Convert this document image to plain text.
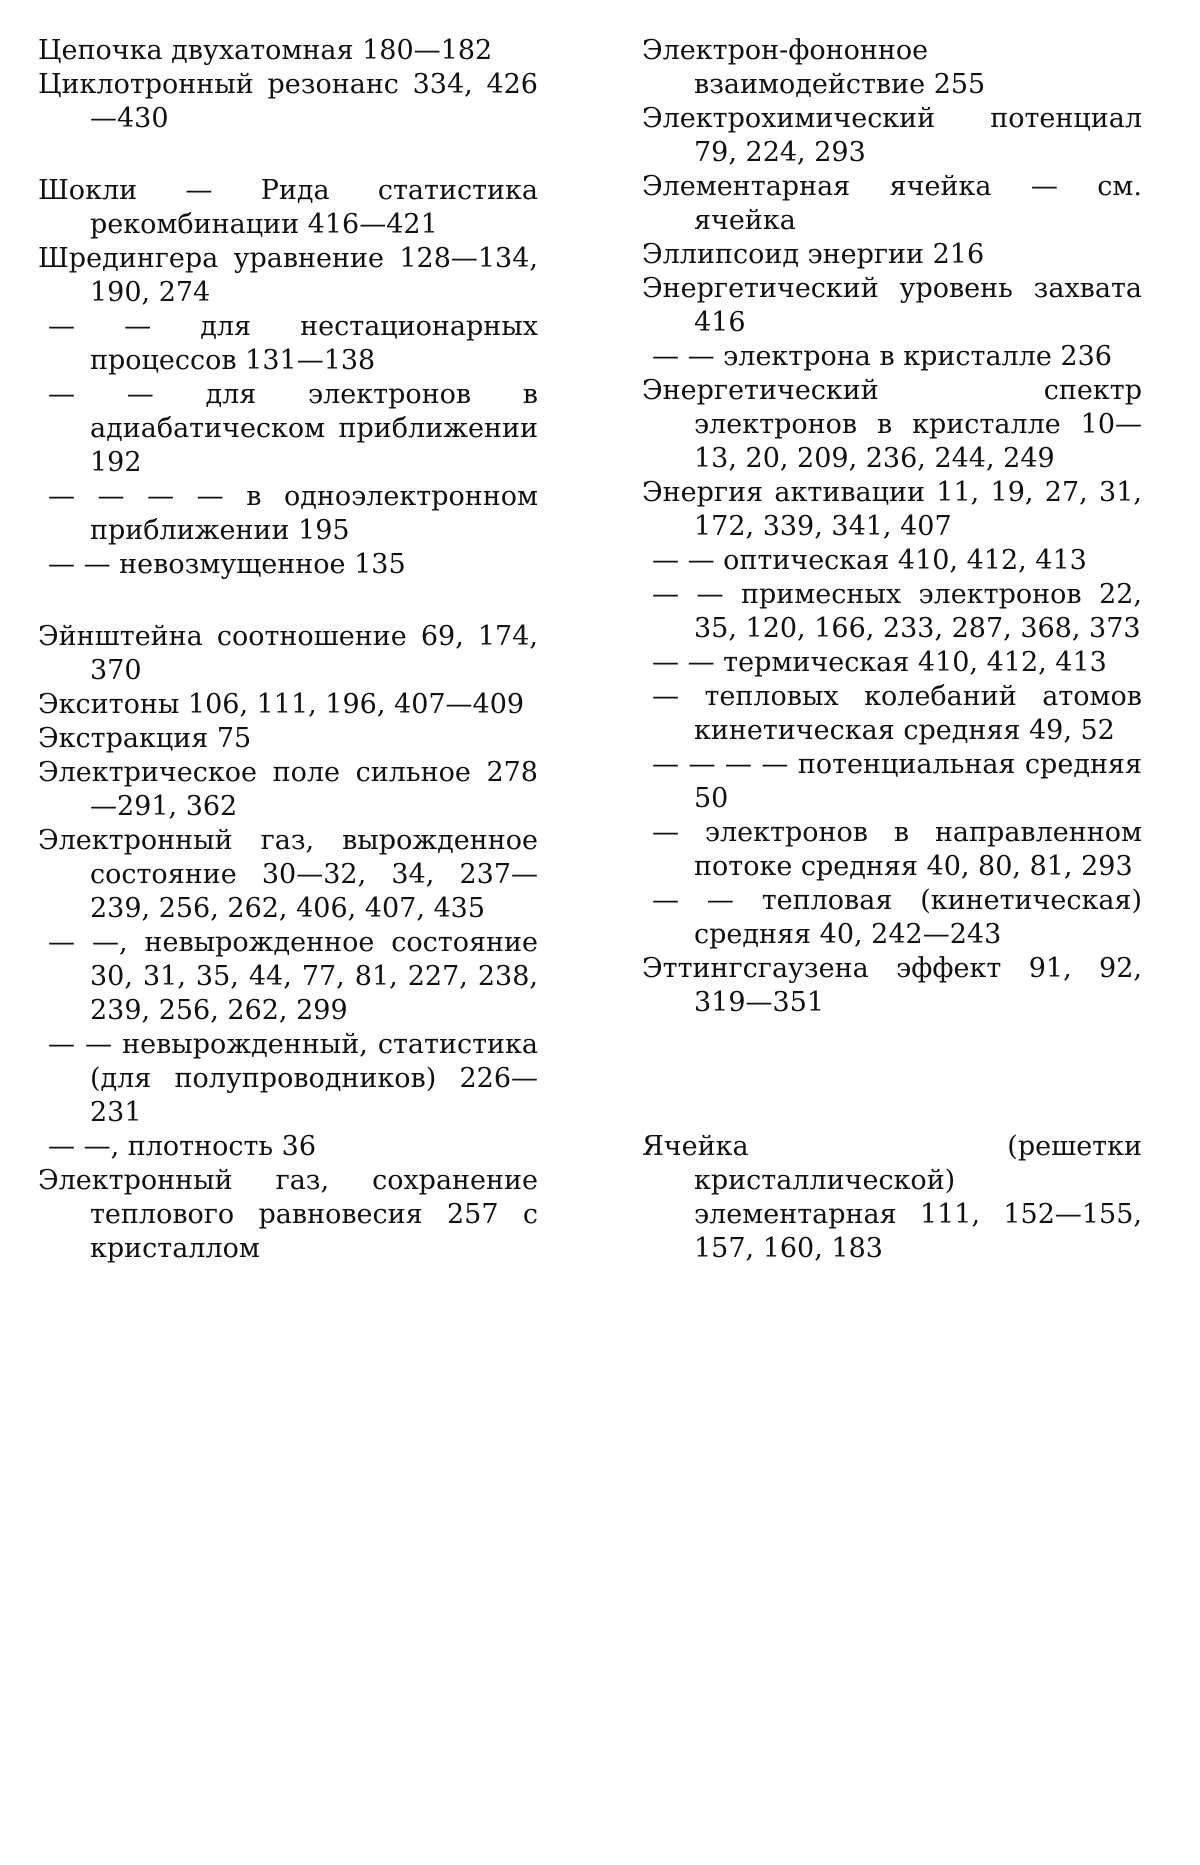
Цепочка двухатомная 180—182

Циклотронный резонанс 334, 426—430

Шокли — Рида статистика рекомбинации 416—421

Шредингера уравнение 128—134, 190, 274

— — для нестационарных процессов 131—138

— — для электронов в адиабатическом приближении 192

— — — — в одноэлектронном приближении 195

— — невозмущенное 135

Эйнштейна соотношение 69, 174, 370

Экситоны 106, 111, 196, 407—409

Экстракция 75

Электрическое поле сильное 278—291, 362

Электронный газ, вырожденное состояние 30—32, 34, 237—239, 256, 262, 406, 407, 435

— —, невырожденное состояние 30, 31, 35, 44, 77, 81, 227, 238, 239, 256, 262, 299

— — невырожденный, статистика (для полупроводников) 226—231

— —, плотность 36

Электронный газ, сохранение теплового равновесия 257 с кристаллом

Электрон-фононное взаимодействие 255

Электрохимический потенциал 79, 224, 293

Элементарная ячейка — см. ячейка

Эллипсоид энергии 216

Энергетический уровень захвата 416

— — электрона в кристалле 236

Энергетический спектр электронов в кристалле 10—13, 20, 209, 236, 244, 249

Энергия активации 11, 19, 27, 31, 172, 339, 341, 407

— — оптическая 410, 412, 413

— — примесных электронов 22, 35, 120, 166, 233, 287, 368, 373

— — термическая 410, 412, 413

— тепловых колебаний атомов кинетическая средняя 49, 52

— — — — потенциальная средняя 50

— электронов в направленном потоке средняя 40, 80, 81, 293

— — тепловая (кинетическая) средняя 40, 242—243

Эттингсгаузена эффект 91, 92, 319—351

Ячейка (решетки кристаллической) элементарная 111, 152—155, 157, 160, 183
